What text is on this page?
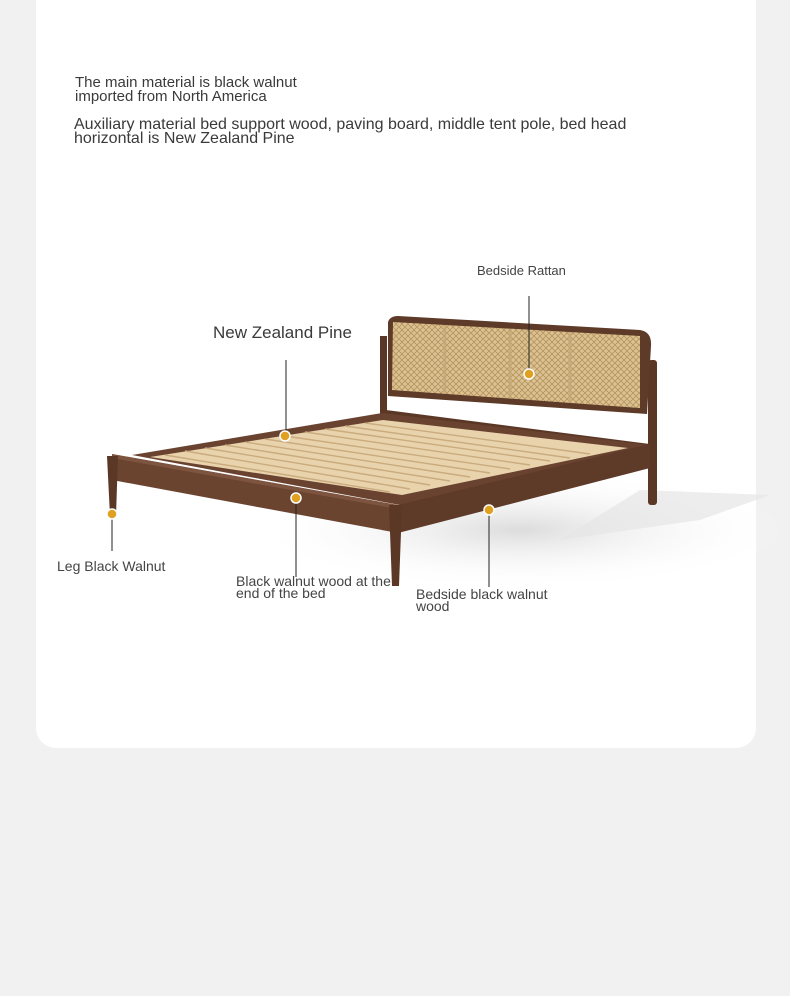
The main material is black walnut imported from North America
Auxiliary material bed support wood, paving board, middle tent pole, bed head horizontal is New Zealand Pine
New Zealand Pine
Bedside Rattan
Leg Black Walnut
Black walnut wood at the end of the bed	Bedside black walnut wood
